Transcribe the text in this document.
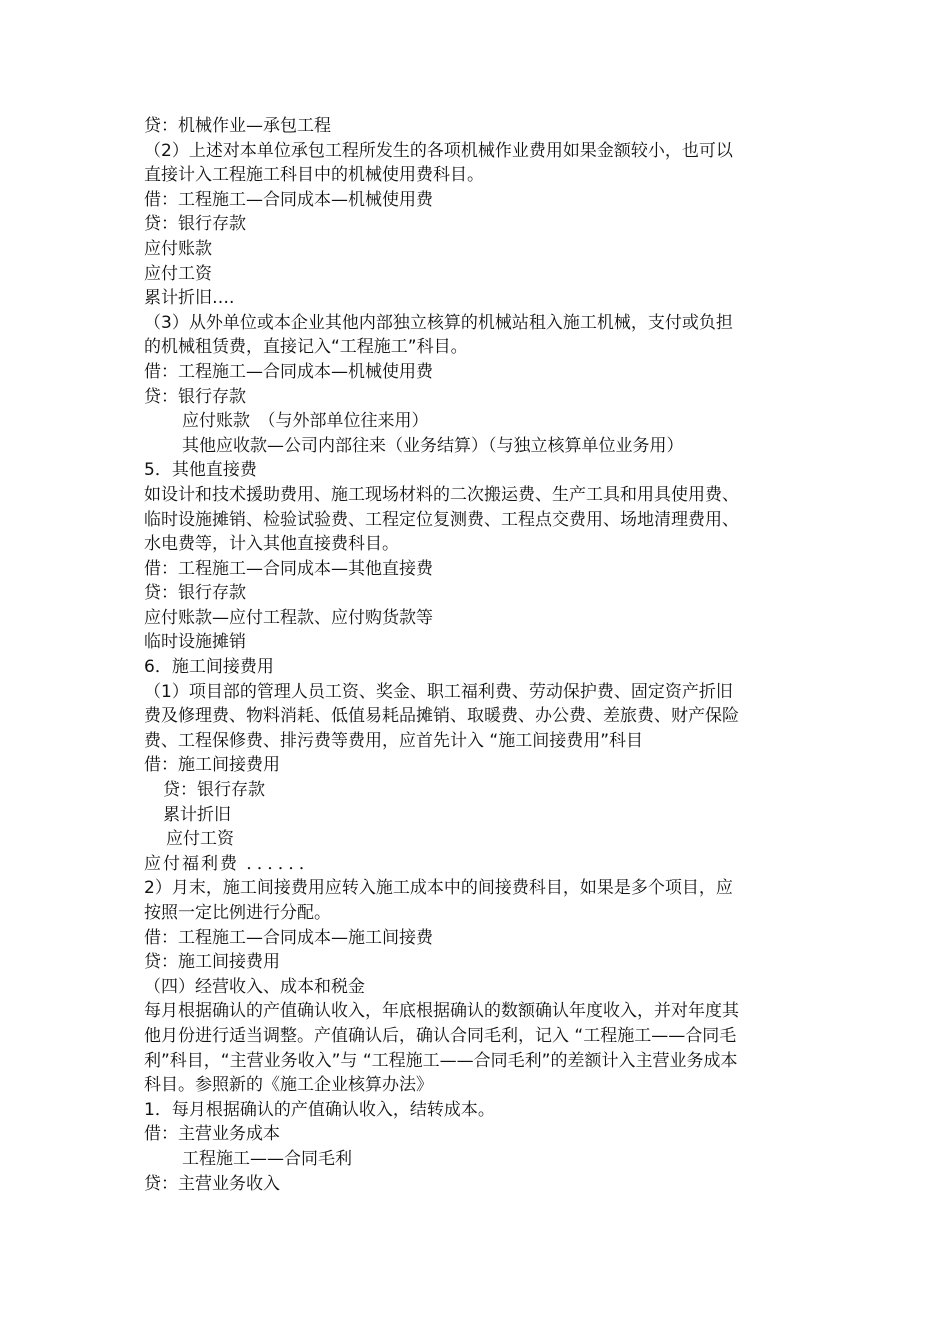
贷：机械作业—承包工程
（2）上述对本单位承包工程所发生的各项机械作业费用如果金额较小，也可以
直接计入工程施工科目中的机械使用费科目。
借：工程施工—合同成本—机械使用费
贷：银行存款
应付账款
应付工资
累计折旧….
（3）从外单位或本企业其他内部独立核算的机械站租入施工机械，支付或负担
的机械租赁费，直接记入“工程施工”科目。
借：工程施工—合同成本—机械使用费
贷：银行存款
应付账款　（与外部单位往来用）
其他应收款—公司内部往来（业务结算）（与独立核算单位业务用）
5．其他直接费
如设计和技术援助费用、施工现场材料的二次搬运费、生产工具和用具使用费、
临时设施摊销、检验试验费、工程定位复测费、工程点交费用、场地清理费用、
水电费等，计入其他直接费科目。
借：工程施工—合同成本—其他直接费
贷：银行存款
应付账款—应付工程款、应付购货款等
临时设施摊销
6．施工间接费用
（1）项目部的管理人员工资、奖金、职工福利费、劳动保护费、固定资产折旧
费及修理费、物料消耗、低值易耗品摊销、取暖费、办公费、差旅费、财产保险
费、工程保修费、排污费等费用，应首先计入 “施工间接费用”科目
借：施工间接费用
贷：银行存款
累计折旧
应付工资
应付福利费 ．．．．．．
2）月末，施工间接费用应转入施工成本中的间接费科目，如果是多个项目，应
按照一定比例进行分配。
借：工程施工—合同成本—施工间接费
贷：施工间接费用
（四）经营收入、成本和税金
每月根据确认的产值确认收入，年底根据确认的数额确认年度收入，并对年度其
他月份进行适当调整。产值确认后，确认合同毛利，记入 “工程施工——合同毛
利”科目，“主营业务收入”与 “工程施工——合同毛利”的差额计入主营业务成本
科目。参照新的《施工企业核算办法》
1．每月根据确认的产值确认收入，结转成本。
借：主营业务成本
工程施工——合同毛利
贷：主营业务收入
